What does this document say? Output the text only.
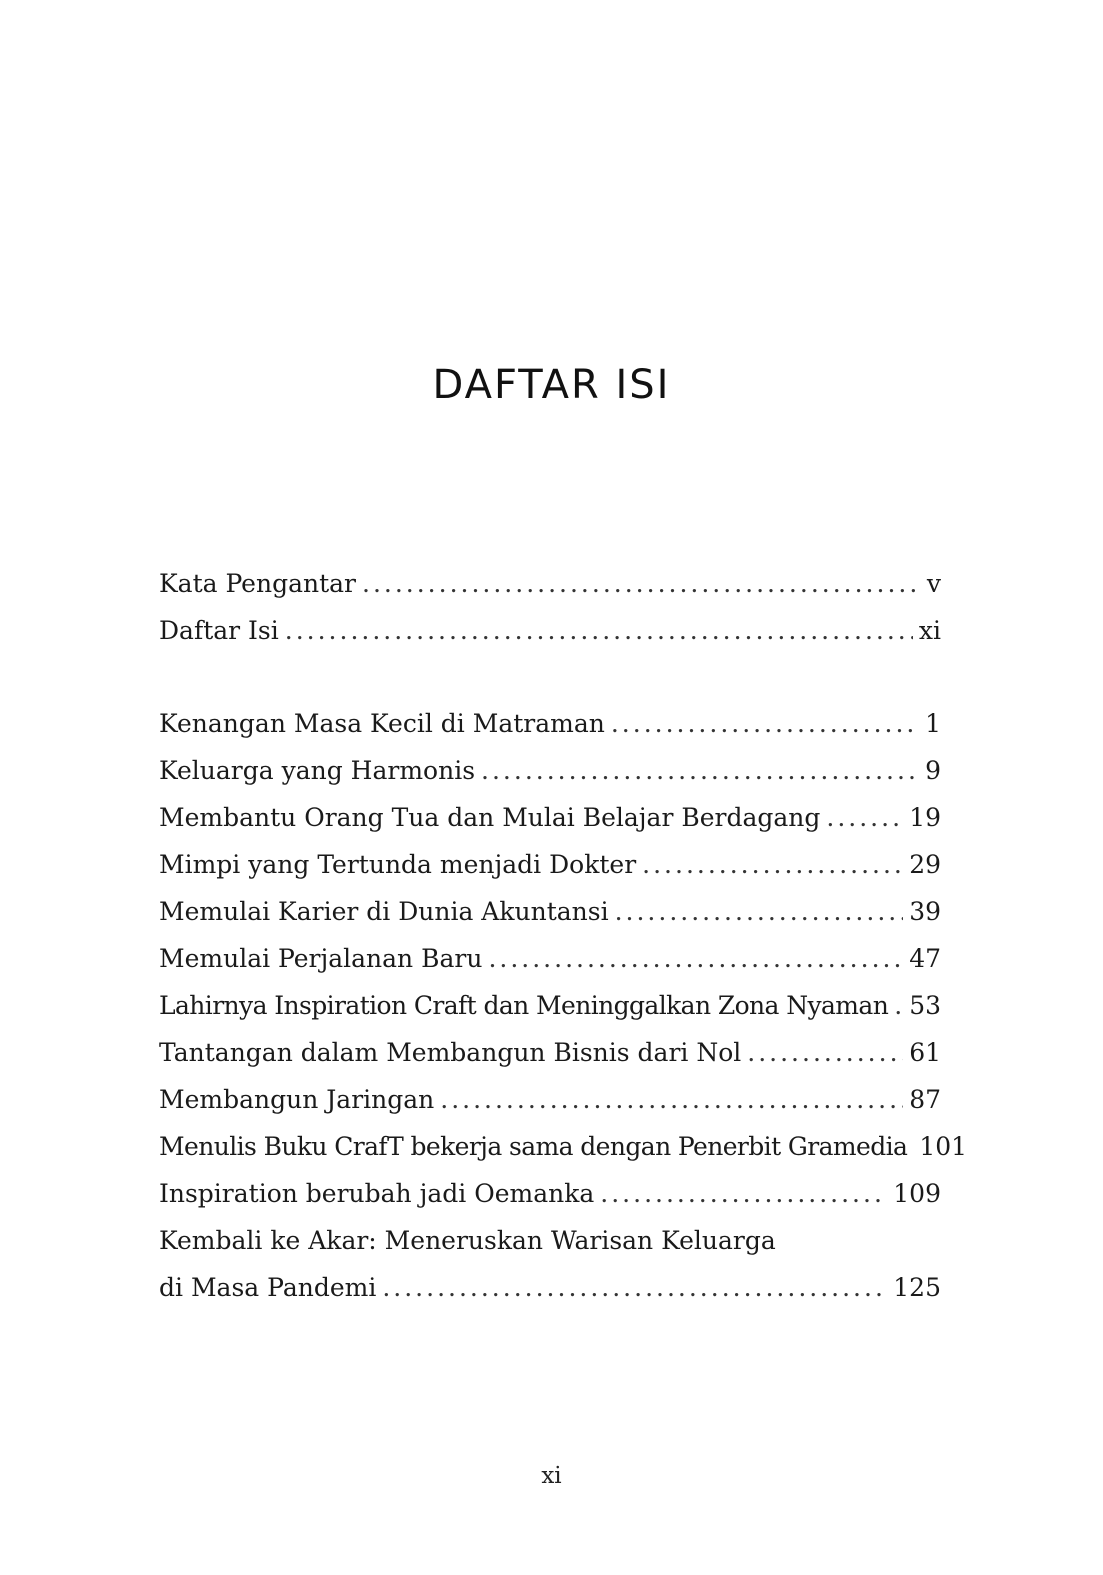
DAFTAR ISI
Kata Pengantar .....	v
Daftar Isi .....	xi
Kenangan Masa Kecil di Matraman .....	1
Keluarga yang Harmonis .....	9
Membantu Orang Tua dan Mulai Belajar Berdagang .....	19
Mimpi yang Tertunda menjadi Dokter .....	29
Memulai Karier di Dunia Akuntansi .....	39
Memulai Perjalanan Baru .....	47
Lahirnya Inspiration Craft dan Meninggalkan Zona Nyaman ..... 53
Tantangan dalam Membangun Bisnis dari Nol .....	61
Membangun Jaringan .....	87
Menulis Buku CrafT bekerja sama dengan Penerbit Gramedia 101
Inspiration berubah jadi Oemanka .....	109
Kembali ke Akar: Meneruskan Warisan Keluarga
di Masa Pandemi .....	125
xi
